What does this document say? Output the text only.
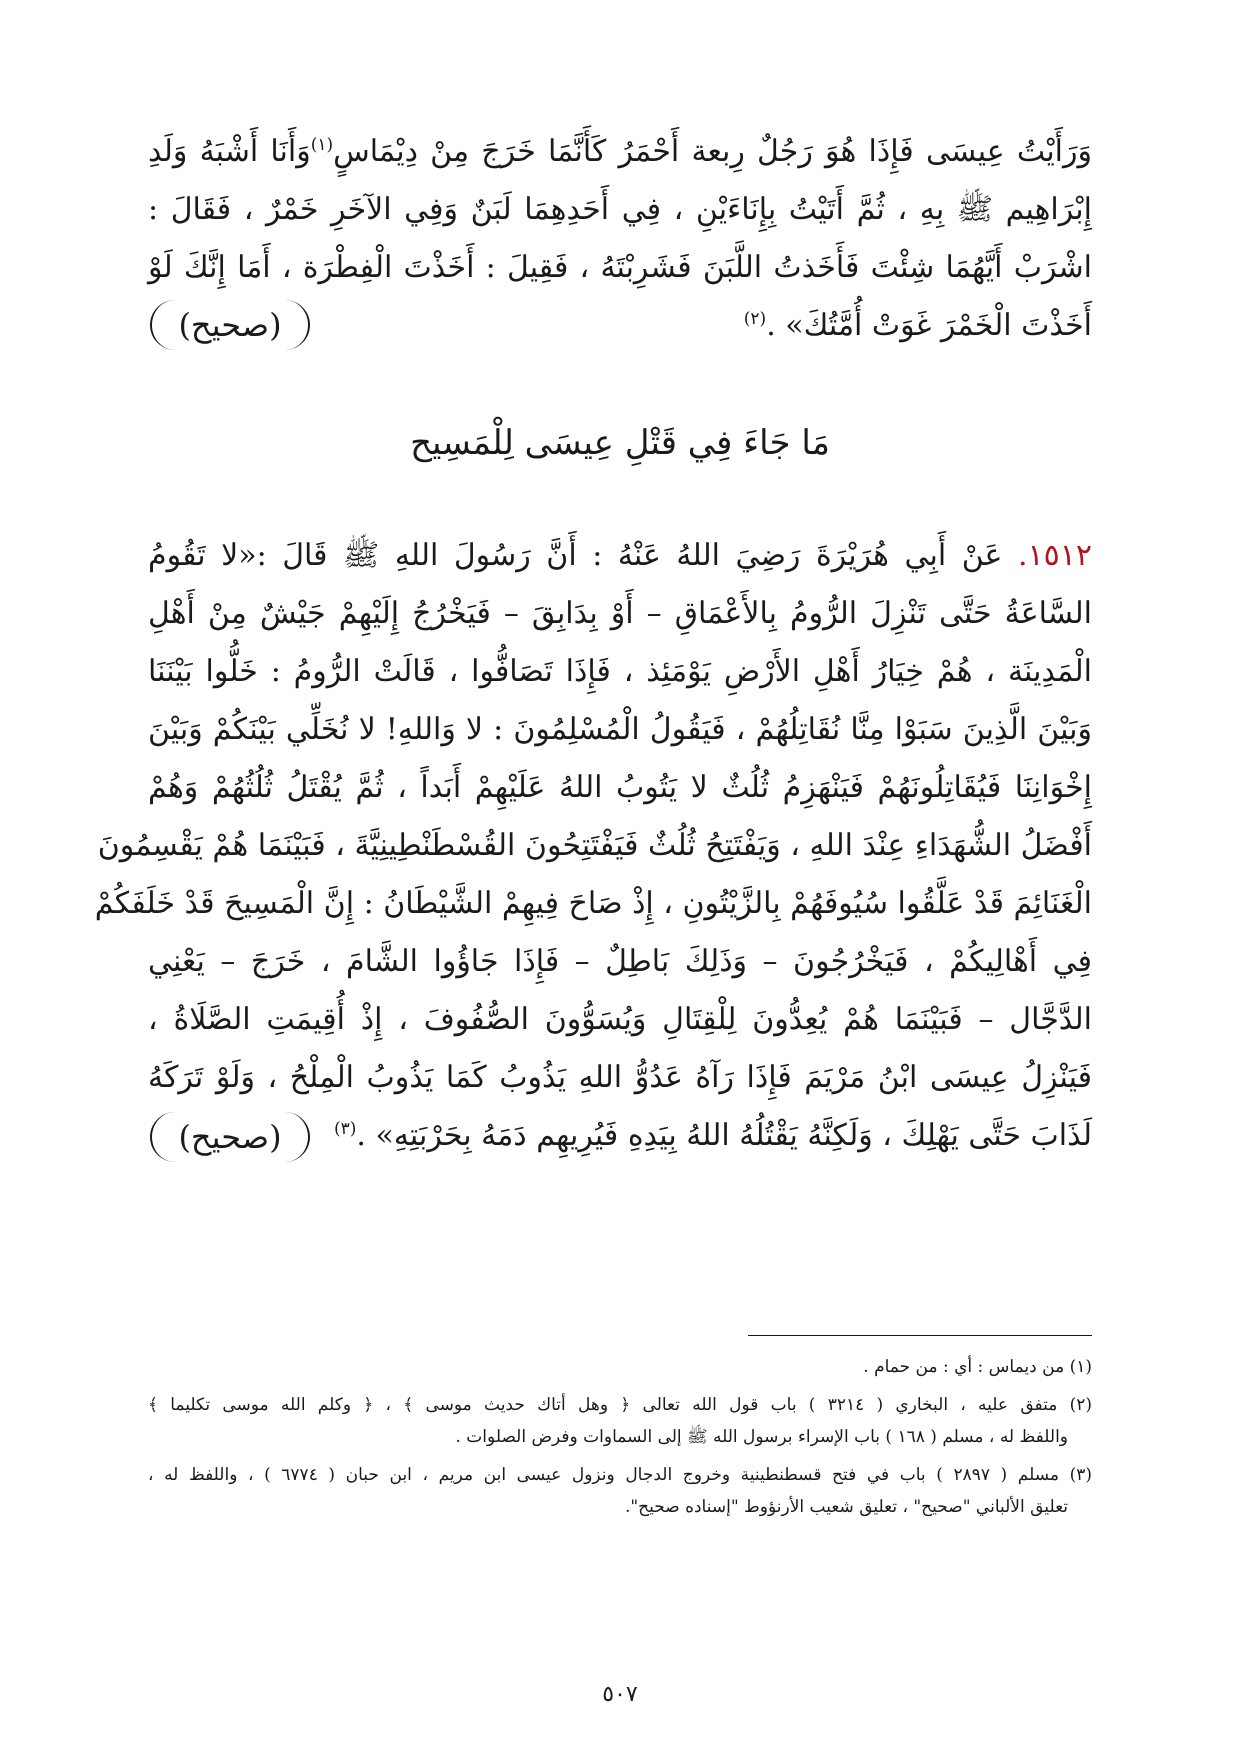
وَرَأَيْتُ عِيسَى فَإِذَا هُوَ رَجُلٌ رِبعة أَحْمَرُ كَأَنَّمَا خَرَجَ مِنْ دِيْمَاسٍ$^{(١)}$وَأَنَا أَشْبَهُ وَلَدِ
إِبْرَاهِيم ﷺ بِهِ ، ثُمَّ أَتَيْتُ بِإِنَاءَيْنِ ، فِي أَحَدِهِمَا لَبَنٌ وَفِي الآخَرِ خَمْرٌ ، فَقَالَ :
اشْرَبْ أَيَّهُمَا شِئْتَ فَأَخَذتُ اللَّبَنَ فَشَرِبْتَهُ ، فَقِيلَ : أَخَذْتَ الْفِطْرَة ، أَمَا إِنَّكَ لَوْ
أَخَذْتَ الْخَمْرَ غَوَتْ أُمَّتُكَ» .$^{(٢)}$
(صحيح)
مَا جَاءَ فِي قَتْلِ عِيسَى لِلْمَسِيح
١٥١٢. عَنْ أَبِي هُرَيْرَةَ رَضِيَ اللهُ عَنْهُ : أَنَّ رَسُولَ اللهِ ﷺ قَالَ :«لا تَقُومُ
السَّاعَةُ حَتَّى تَنْزِلَ الرُّومُ بِالأَعْمَاقِ – أَوْ بِدَابِقَ – فَيَخْرُجُ إِلَيْهِمْ جَيْشٌ مِنْ أَهْلِ
الْمَدِينَة ، هُمْ خِيَارُ أَهْلِ الأَرْضِ يَوْمَئِذ ، فَإِذَا تَصَافُّوا ، قَالَتْ الرُّومُ : خَلُّوا بَيْنَنَا
وَبَيْنَ الَّذِينَ سَبَوْا مِنَّا نُقَاتِلُهُمْ ، فَيَقُولُ الْمُسْلِمُونَ : لا وَاللهِ! لا نُخَلِّي بَيْنَكُمْ وَبَيْنَ
إِخْوَانِنَا فَيُقَاتِلُونَهُمْ فَيَنْهَزِمُ ثُلُثٌ لا يَتُوبُ اللهُ عَلَيْهِمْ أَبَداً ، ثُمَّ يُقْتَلُ ثُلُثُهُمْ وَهُمْ
أَفْضَلُ الشُّهَدَاءِ عِنْدَ اللهِ ، وَيَفْتَتِحُ ثُلُثٌ فَيَفْتَتِحُونَ القُسْطَنْطِينِيَّةَ ، فَبَيْنَمَا هُمْ يَقْسِمُونَ
الْغَنَائِمَ قَدْ عَلَّقُوا سُيُوفَهُمْ بِالزَّيْتُونِ ، إِذْ صَاحَ فِيهِمْ الشَّيْطَانُ : إِنَّ الْمَسِيحَ قَدْ خَلَفَكُمْ
فِي أَهْالِيكُمْ ، فَيَخْرُجُونَ – وَذَلِكَ بَاطِلٌ – فَإِذَا جَاؤُوا الشَّامَ ، خَرَجَ – يَعْنِي
الدَّجَّال – فَبَيْنَمَا هُمْ يُعِدُّونَ لِلْقِتَالِ وَيُسَوُّونَ الصُّفُوفَ ، إِذْ أُقِيمَتِ الصَّلَاةُ ،
فَيَنْزِلُ عِيسَى ابْنُ مَرْيَمَ فَإِذَا رَآهُ عَدُوُّ اللهِ يَذُوبُ كَمَا يَذُوبُ الْمِلْحُ ، وَلَوْ تَرَكَهُ
لَذَابَ حَتَّى يَهْلِكَ ، وَلَكِنَّهُ يَقْتُلُهُ اللهُ بِيَدِهِ فَيُرِيهِم دَمَهُ بِحَرْبَتِهِ» .$^{(٣)}$
(صحيح)
(١) من ديماس : أي : من حمام .
(٢) متفق عليه ، البخاري ( ٣٢١٤ ) باب قول الله تعالى ﴿ وهل أتاك حديث موسى ﴾ ، ﴿ وكلم الله موسى تكليما ﴾
واللفظ له ، مسلم ( ١٦٨ ) باب الإسراء برسول الله ﷺ إلى السماوات وفرض الصلوات .
(٣) مسلم ( ٢٨٩٧ ) باب في فتح قسطنطينية وخروج الدجال ونزول عيسى ابن مريم ، ابن حبان ( ٦٧٧٤ ) ، واللفظ له ،
تعليق الألباني "صحيح" ، تعليق شعيب الأرنؤوط "إسناده صحيح".
٥٠٧
